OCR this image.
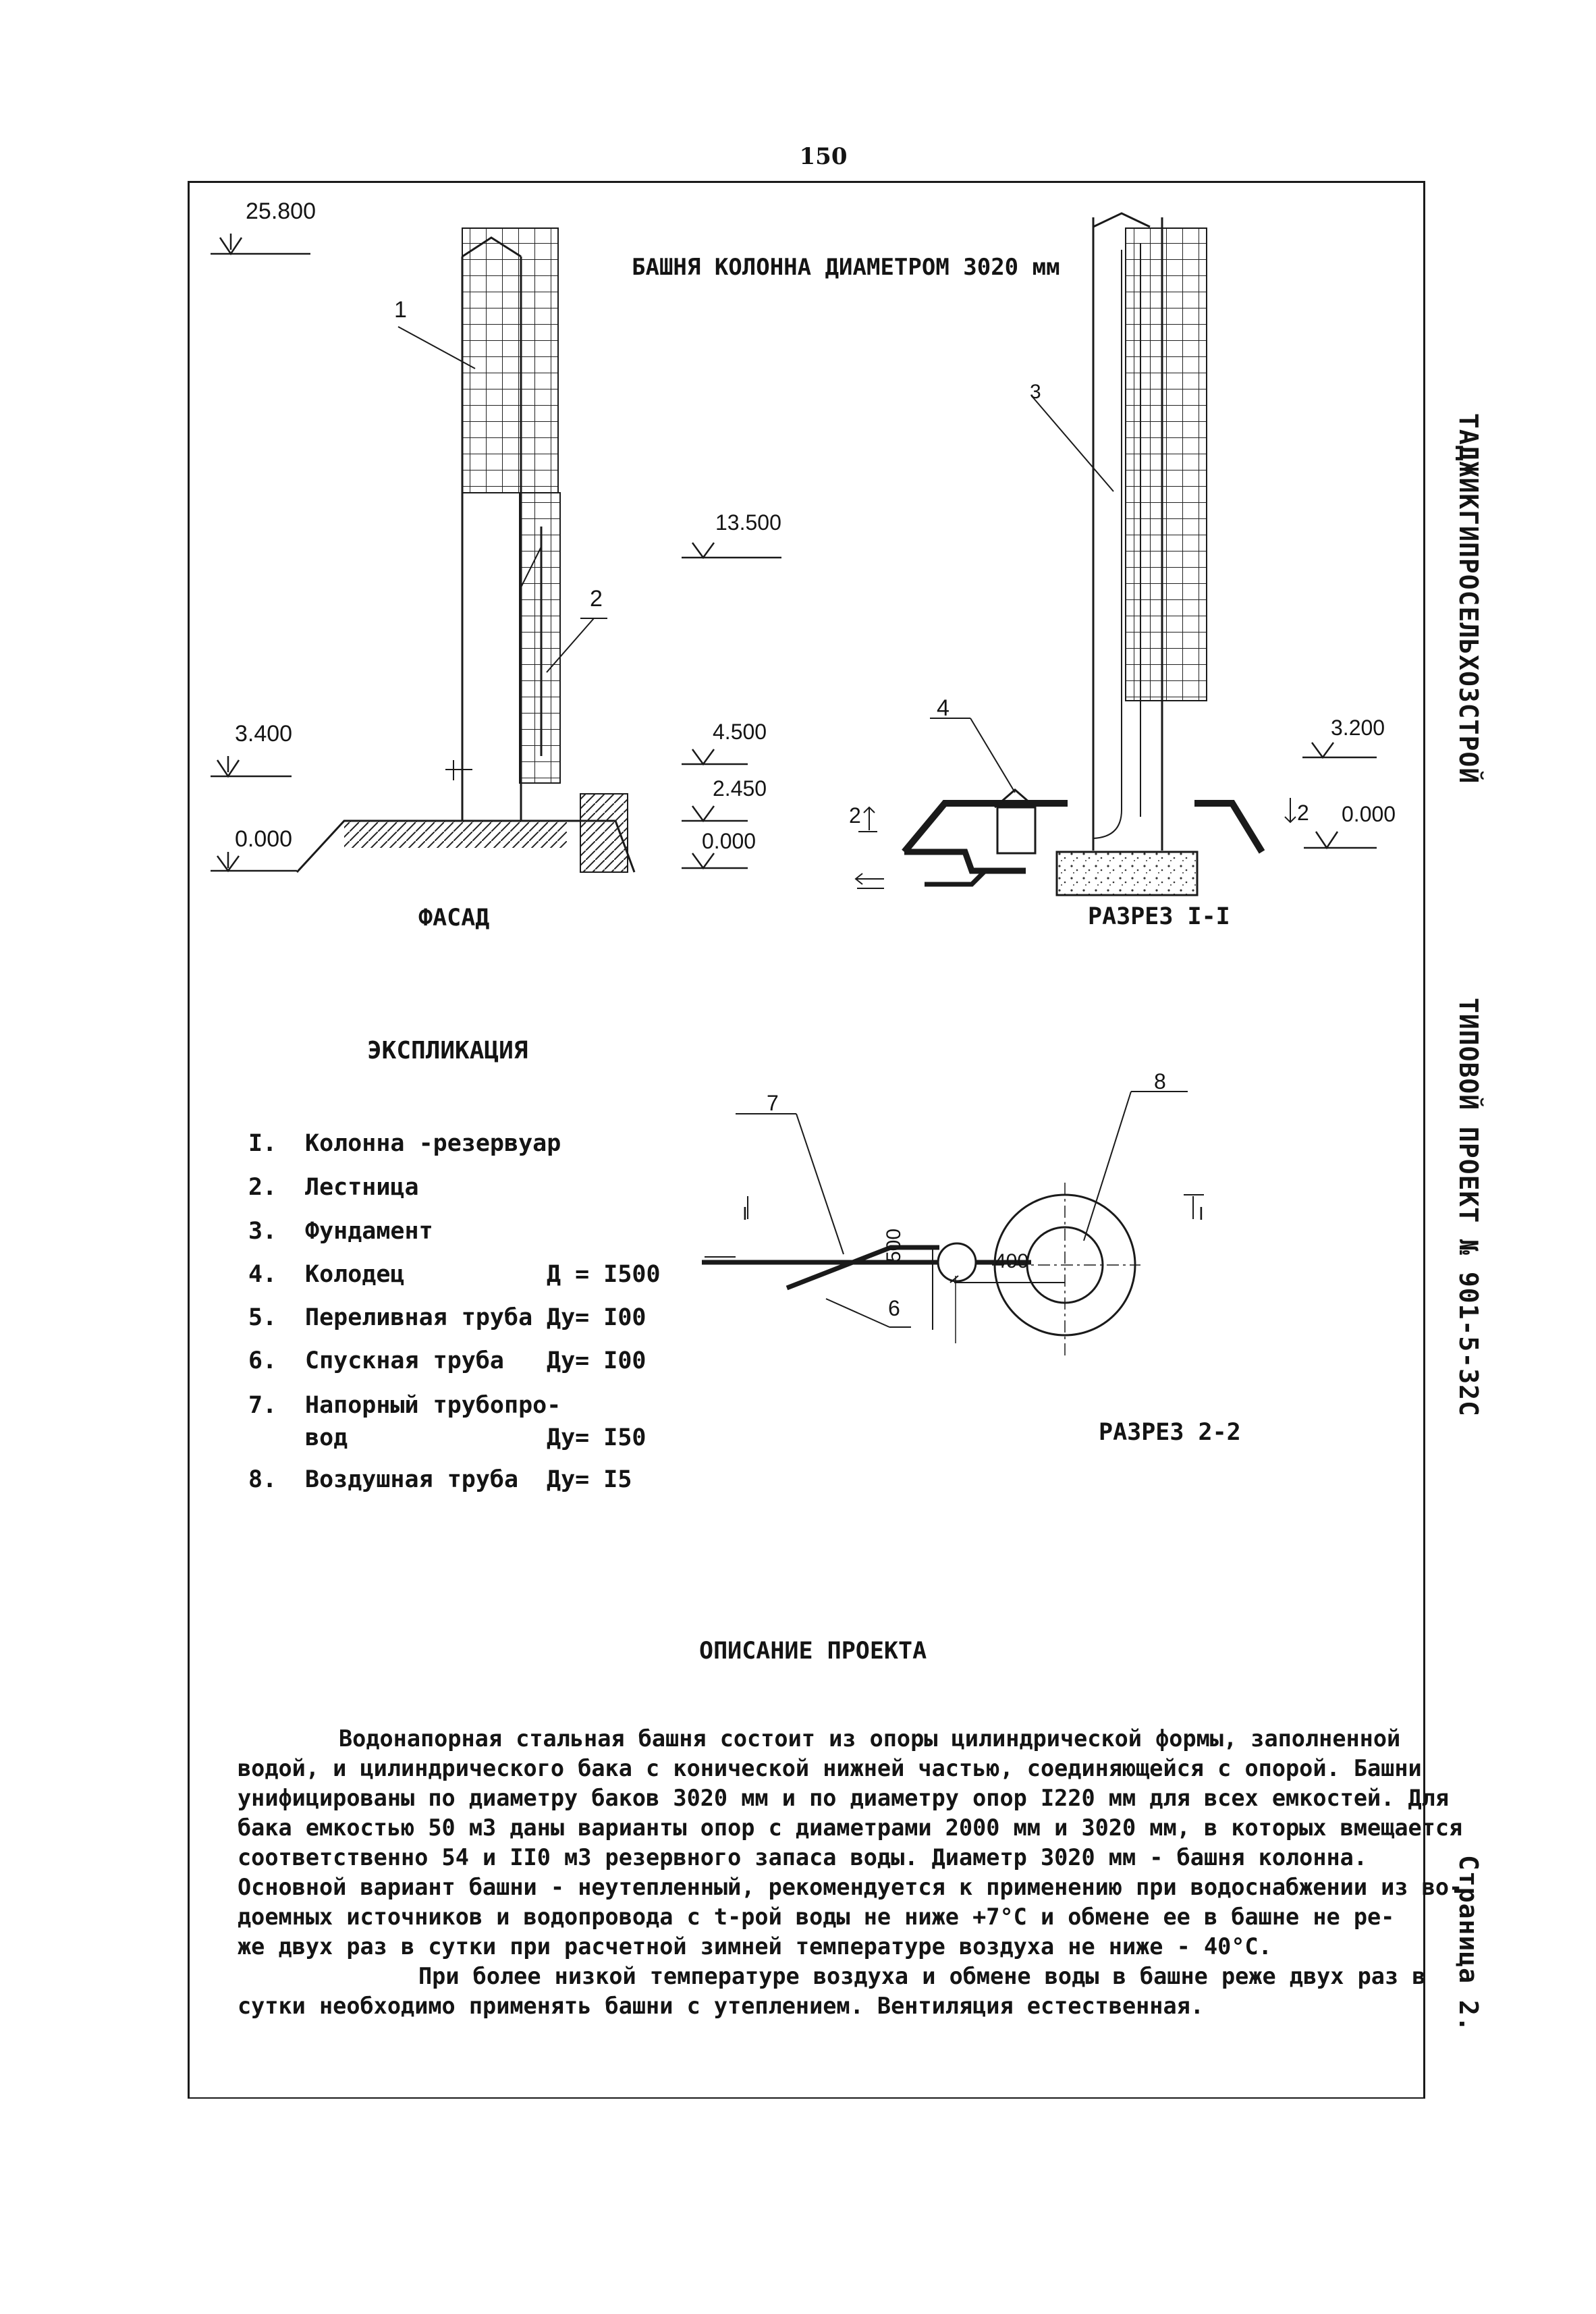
150
ТАДЖИКГИПРОСЕЛЬХОЗСТРОЙ
ТИПОВОЙ ПРОЕКТ № 901-5-32С
Страница 2.
БАШНЯ КОЛОННА ДИАМЕТРОМ 3020 мм
25.800
3.400
0.000
1
2
ФАСАД
13.500
4.500
2.450
0.000
3
4
2	2
3.200
0.000
РАЗРЕЗ I-I
7
8
6
500	400
I	I
РАЗРЕЗ 2-2
ЭКСПЛИКАЦИЯ
I. Колонна -резервуар
2. Лестница
3. Фундамент
4. Колодец	Д = I500
5. Переливная труба Ду= I00
6. Спускная труба Ду= I00
7. Напорный трубопро-
вод	Ду= I50
8. Воздушная труба Ду= I5
ОПИСАНИЕ ПРОЕКТА
Водонапорная стальная башня состоит из опоры цилиндрической формы, заполненной
водой, и цилиндрического бака с конической нижней частью, соединяющейся с опорой. Башни
унифицированы по диаметру баков 3020 мм и по диаметру опор I220 мм для всех емкостей. Для
бака емкостью 50 м3 даны варианты опор с диаметрами 2000 мм и 3020 мм, в которых вмещается
соответственно 54 и II0 м3 резервного запаса воды. Диаметр 3020 мм - башня колонна.
Основной вариант башни - неутепленный, рекомендуется к применению при водоснабжении из во-
доемных источников и водопровода с t-рой воды не ниже +7°С и обмене ее в башне не ре-
же двух раз в сутки при расчетной зимней температуре воздуха не ниже - 40°С.
При более низкой температуре воздуха и обмене воды в башне реже двух раз в
сутки необходимо применять башни с утеплением. Вентиляция естественная.
